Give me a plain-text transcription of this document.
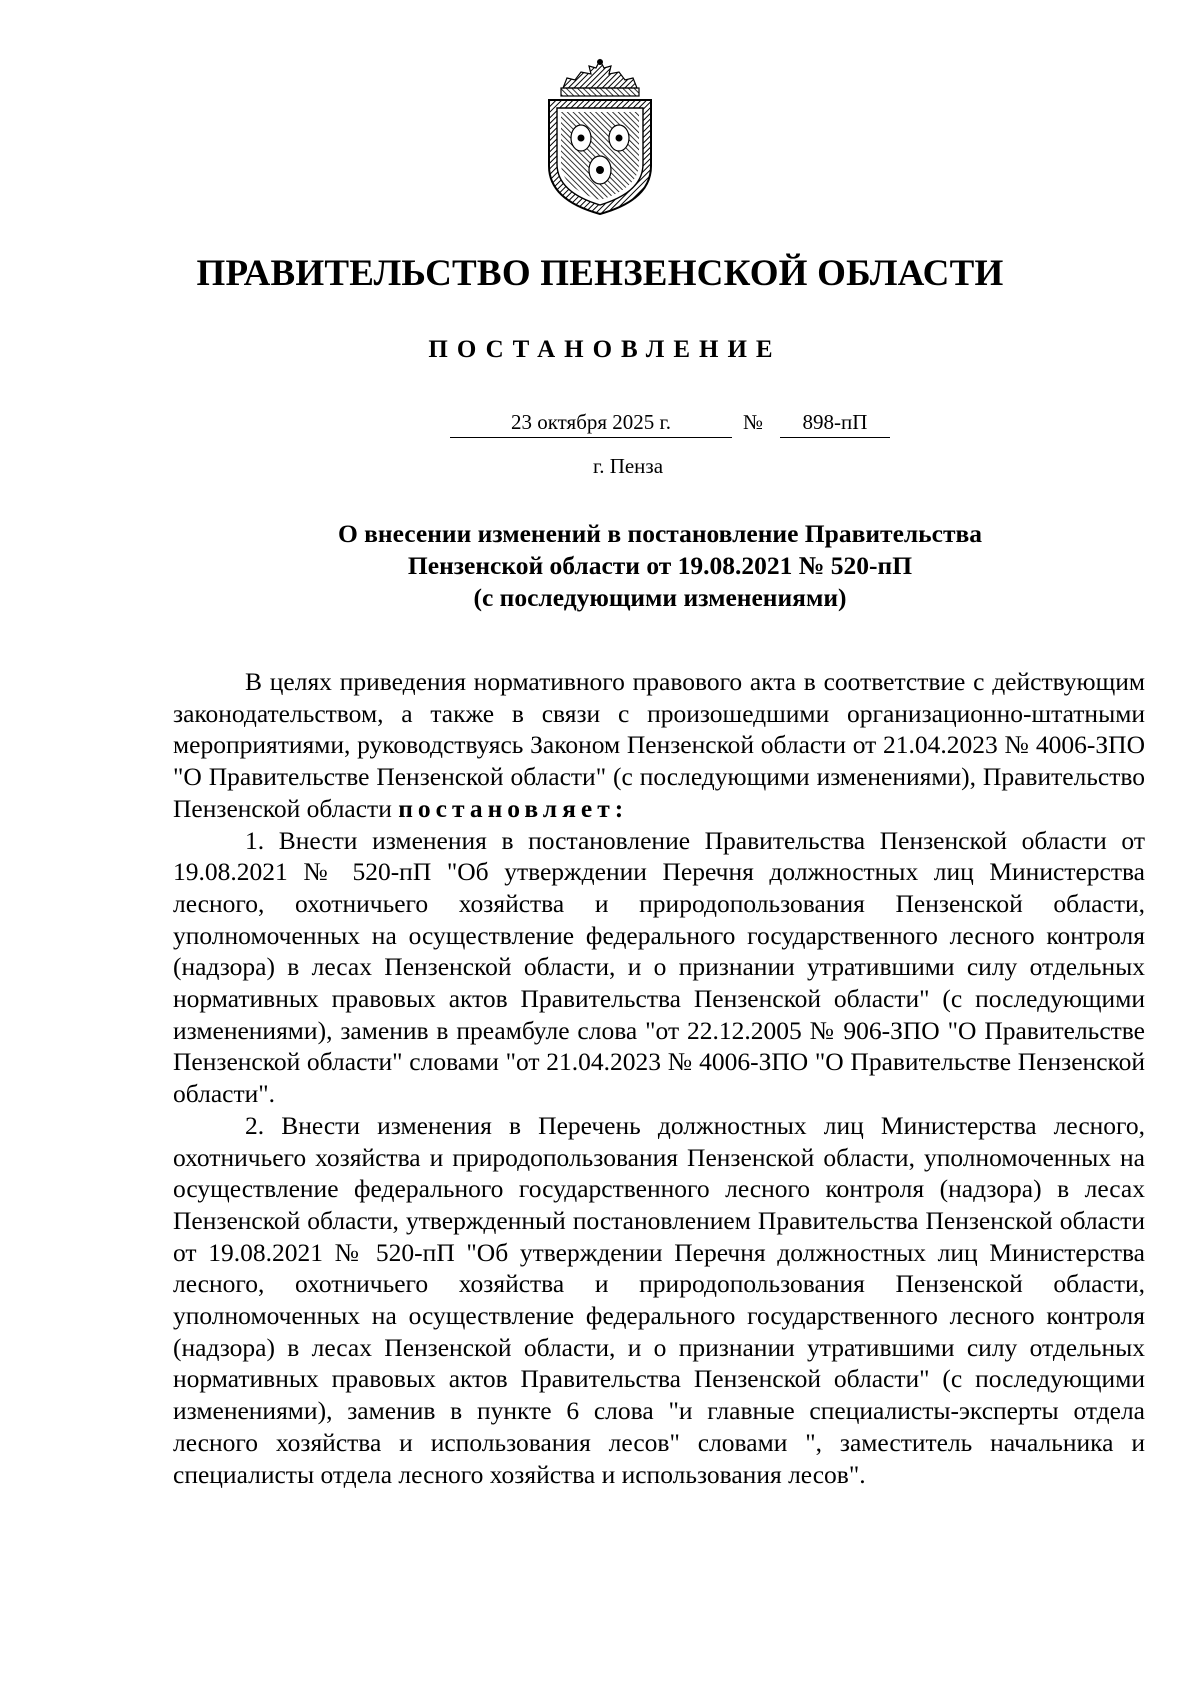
ПРАВИТЕЛЬСТВО ПЕНЗЕНСКОЙ ОБЛАСТИ
ПОСТАНОВЛЕНИЕ
23 октября 2025 г.	№	898-пП
г. Пенза
О внесении изменений в постановление Правительства
Пензенской области от 19.08.2021 № 520-пП
(с последующими изменениями)

В целях приведения нормативного правового акта в соответствие с действующим законодательством, а также в связи с произошедшими организационно-штатными мероприятиями, руководствуясь Законом Пензенской области от 21.04.2023 № 4006-ЗПО "О Правительстве Пензенской области" (с последующими изменениями), Правительство Пензенской области постановляет:

1. Внести изменения в постановление Правительства Пензенской области от 19.08.2021 № 520-пП "Об утверждении Перечня должностных лиц Министерства лесного, охотничьего хозяйства и природопользования Пензенской области, уполномоченных на осуществление федерального государственного лесного контроля (надзора) в лесах Пензенской области, и о признании утратившими силу отдельных нормативных правовых актов Правительства Пензенской области" (с последующими изменениями), заменив в преамбуле слова "от 22.12.2005 № 906-ЗПО "О Правительстве Пензенской области" словами "от 21.04.2023 № 4006-ЗПО "О Правительстве Пензенской области".

2. Внести изменения в Перечень должностных лиц Министерства лесного, охотничьего хозяйства и природопользования Пензенской области, уполномоченных на осуществление федерального государственного лесного контроля (надзора) в лесах Пензенской области, утвержденный постановлением Правительства Пензенской области от 19.08.2021 № 520-пП "Об утверждении Перечня должностных лиц Министерства лесного, охотничьего хозяйства и природопользования Пензенской области, уполномоченных на осуществление федерального государственного лесного контроля (надзора) в лесах Пензенской области, и о признании утратившими силу отдельных нормативных правовых актов Правительства Пензенской области" (с последующими изменениями), заменив в пункте 6 слова "и главные специалисты-эксперты отдела лесного хозяйства и использования лесов" словами ", заместитель начальника и специалисты отдела лесного хозяйства и использования лесов".
